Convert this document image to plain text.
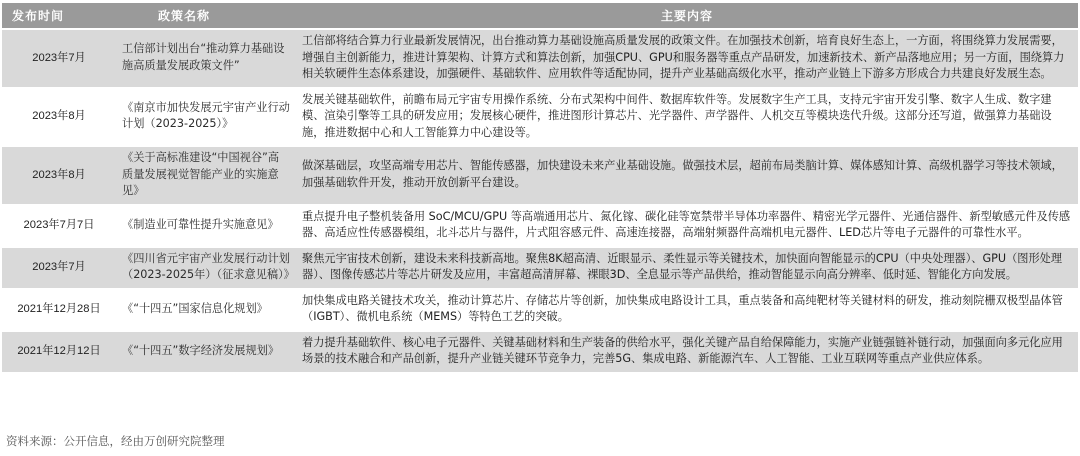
发布时间	政策名称	主要内容
2023年7月	工信部计划出台“推动算力基础设施高质量发展政策文件”	工信部将结合算力行业最新发展情况，出台推动算力基础设施高质量发展的政策文件。在加强技术创新，培育良好生态上，一方面，将围绕算力发展需要，增强自主创新能力，推进计算架构、计算方式和算法创新，加强CPU、GPU和服务器等重点产品研发，加速新技术、新产品落地应用；另一方面，围绕算力相关软硬件生态体系建设，加强硬件、基础软件、应用软件等适配协同，提升产业基础高级化水平，推动产业链上下游多方形成合力共建良好发展生态。
2023年8月	《南京市加快发展元宇宙产业行动计划（2023-2025）》	发展关键基础软件，前瞻布局元宇宙专用操作系统、分布式架构中间件、数据库软件等。发展数字生产工具，支持元宇宙开发引擎、数字人生成、数字建模、渲染引擎等工具的研发应用；发展核心硬件，推进图形计算芯片、光学器件、声学器件、人机交互等模块迭代升级。这部分还写道，做强算力基础设施，推进数据中心和人工智能算力中心建设等。
2023年8月	《关于高标准建设“中国视谷”高质量发展视觉智能产业的实施意见》	做深基础层，攻坚高端专用芯片、智能传感器，加快建设未来产业基础设施。做强技术层，超前布局类脑计算、媒体感知计算、高级机器学习等技术领域，加强基础软件开发，推动开放创新平台建设。
2023年7月7日	《制造业可靠性提升实施意见》	重点提升电子整机装备用 SoC/MCU/GPU 等高端通用芯片、氮化镓、碳化硅等宽禁带半导体功率器件、精密光学元器件、光通信器件、新型敏感元件及传感器、高适应性传感器模组，北斗芯片与器件，片式阻容感元件、高速连接器，高端射频器件高端机电元器件、LED芯片等电子元器件的可靠性水平。
2023年7月	《四川省元宇宙产业发展行动计划（2023-2025年）（征求意见稿）》	聚焦元宇宙技术创新，建设未来科技新高地。聚焦8K超高清、近眼显示、柔性显示等关键技术，加快面向智能显示的CPU（中央处理器）、GPU（图形处理器）、图像传感芯片等芯片研发及应用，丰富超高清屏幕、裸眼3D、全息显示等产品供给，推动智能显示向高分辨率、低时延、智能化方向发展。
2021年12月28日	《“十四五”国家信息化规划》	加快集成电路关键技术攻关，推动计算芯片、存储芯片等创新，加快集成电路设计工具，重点装备和高纯靶材等关键材料的研发，推动刻院栅双极型晶体管（IGBT）、微机电系统（MEMS）等特色工艺的突破。
2021年12月12日	《“十四五”数字经济发展规划》	着力提升基础软件、核心电子元器件、关键基础材料和生产装备的供给水平，强化关键产品自给保障能力，实施产业链强链补链行动，加强面向多元化应用场景的技术融合和产品创新，提升产业链关键环节竞争力，完善5G、集成电路、新能源汽车、人工智能、工业互联网等重点产业供应体系。
资料来源：公开信息，经由万创研究院整理
